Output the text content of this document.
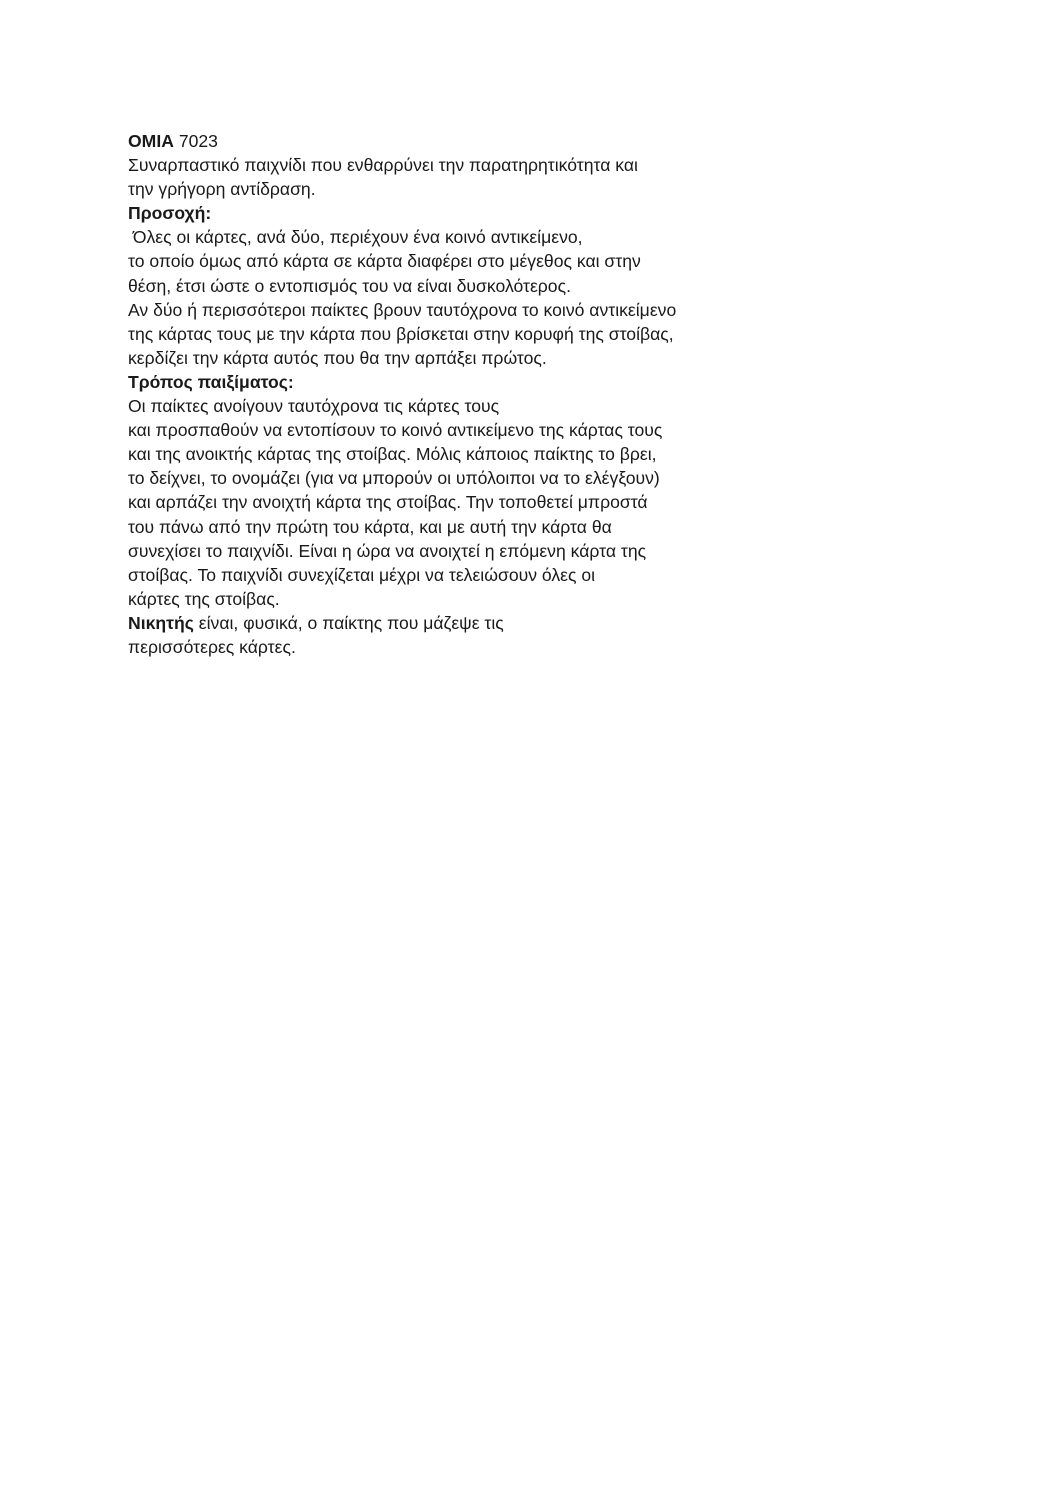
ΟΜΙΑ 7023

Συναρπαστικό παιχνίδι που ενθαρρύνει την παρατηρητικότητα και

την γρήγορη αντίδραση.

Προσοχή:

Όλες οι κάρτες, ανά δύο, περιέχουν ένα κοινό αντικείμενο,

το οποίο όμως από κάρτα σε κάρτα διαφέρει στο μέγεθος και στην

θέση, έτσι ώστε ο εντοπισμός του να είναι δυσκολότερος.

Αν δύο ή περισσότεροι παίκτες βρουν ταυτόχρονα το κοινό αντικείμενο

της κάρτας τους με την κάρτα που βρίσκεται στην κορυφή της στοίβας,

κερδίζει την κάρτα αυτός που θα την αρπάξει πρώτος.

Τρόπος παιξίματος:

Οι παίκτες ανοίγουν ταυτόχρονα τις κάρτες τους

και προσπαθούν να εντοπίσουν το κοινό αντικείμενο της κάρτας τους

και της ανοικτής κάρτας της στοίβας. Μόλις κάποιος παίκτης το βρει,

το δείχνει, το ονομάζει (για να μπορούν οι υπόλοιποι να το ελέγξουν)

και αρπάζει την ανοιχτή κάρτα της στοίβας. Την τοποθετεί μπροστά

του πάνω από την πρώτη του κάρτα, και με αυτή την κάρτα θα

συνεχίσει το παιχνίδι. Είναι η ώρα να ανοιχτεί η επόμενη κάρτα της

στοίβας. Το παιχνίδι συνεχίζεται μέχρι να τελειώσουν όλες οι

κάρτες της στοίβας.

Νικητής είναι, φυσικά, ο παίκτης που μάζεψε τις

περισσότερες κάρτες.
